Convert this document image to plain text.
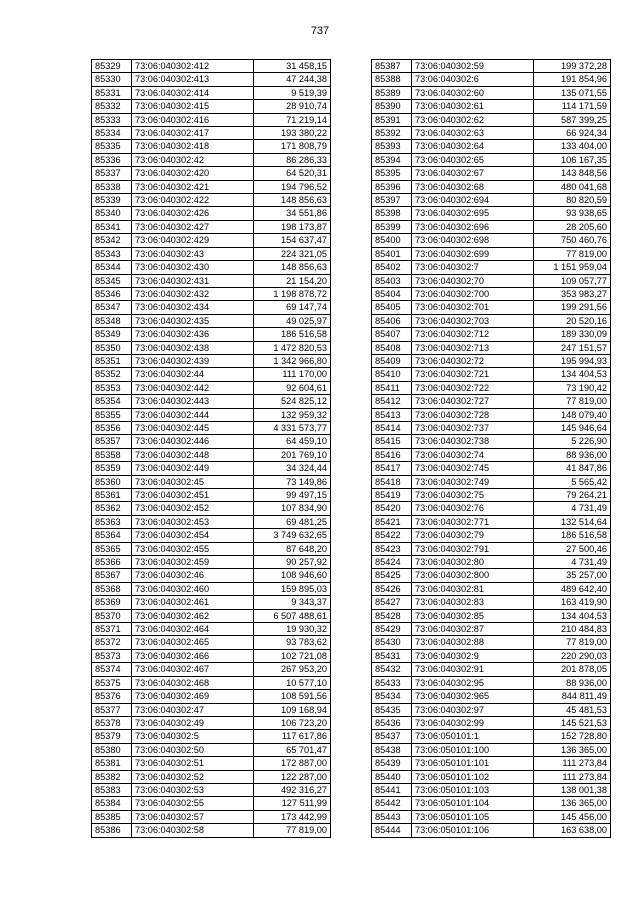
737
85329	73:06:040302:412	31 458,15
85330	73:06:040302:413	47 244,38
85331	73:06:040302:414	9 519,39
85332	73:06:040302:415	28 910,74
85333	73:06:040302:416	71 219,14
85334	73:06:040302:417	193 380,22
85335	73:06:040302:418	171 808,79
85336	73:06:040302:42	86 286,33
85337	73:06:040302:420	64 520,31
85338	73:06:040302:421	194 796,52
85339	73:06:040302:422	148 856,63
85340	73:06:040302:426	34 551,86
85341	73:06:040302:427	198 173,87
85342	73:06:040302:429	154 637,47
85343	73:06:040302:43	224 321,05
85344	73:06:040302:430	148 856,63
85345	73:06:040302:431	21 154,20
85346	73:06:040302:432	1 198 878,72
85347	73:06:040302:434	69 147,74
85348	73:06:040302:435	49 025,97
85349	73:06:040302:436	186 516,58
85350	73:06:040302:438	1 472 820,53
85351	73:06:040302:439	1 342 966,80
85352	73:06:040302:44	111 170,00
85353	73:06:040302:442	92 604,61
85354	73:06:040302:443	524 825,12
85355	73:06:040302:444	132 959,32
85356	73:06:040302:445	4 331 573,77
85357	73:06:040302:446	64 459,10
85358	73:06:040302:448	201 769,10
85359	73:06:040302:449	34 324,44
85360	73:06:040302:45	73 149,86
85361	73:06:040302:451	99 497,15
85362	73:06:040302:452	107 834,90
85363	73:06:040302:453	69 481,25
85364	73:06:040302:454	3 749 632,65
85365	73:06:040302:455	87 648,20
85366	73:06:040302:459	90 257,92
85367	73:06:040302:46	108 946,60
85368	73:06:040302:460	159 895,03
85369	73:06:040302:461	9 343,37
85370	73:06:040302:462	6 507 488,61
85371	73:06:040302:464	19 930,32
85372	73:06:040302:465	93 783,62
85373	73:06:040302:466	102 721,08
85374	73:06:040302:467	267 953,20
85375	73:06:040302:468	10 577,10
85376	73:06:040302:469	108 591,56
85377	73:06:040302:47	109 168,94
85378	73:06:040302:49	106 723,20
85379	73:06:040302:5	117 617,86
85380	73:06:040302:50	65 701,47
85381	73:06:040302:51	172 887,00
85382	73:06:040302:52	122 287,00
85383	73:06:040302:53	492 316,27
85384	73:06:040302:55	127 511,99
85385	73:06:040302:57	173 442,99
85386	73:06:040302:58	77 819,00
85387	73:06:040302:59	199 372,28
85388	73:06:040302:6	191 854,96
85389	73:06:040302:60	135 071,55
85390	73:06:040302:61	114 171,59
85391	73:06:040302:62	587 399,25
85392	73:06:040302:63	66 924,34
85393	73:06:040302:64	133 404,00
85394	73:06:040302:65	106 167,35
85395	73:06:040302:67	143 848,56
85396	73:06:040302:68	480 041,68
85397	73:06:040302:694	80 820,59
85398	73:06:040302:695	93 938,65
85399	73:06:040302:696	28 205,60
85400	73:06:040302:698	750 460,76
85401	73:06:040302:699	77 819,00
85402	73:06:040302:7	1 151 959,04
85403	73:06:040302:70	109 057,77
85404	73:06:040302:700	353 983,27
85405	73:06:040302:701	199 291,56
85406	73:06:040302:703	20 520,16
85407	73:06:040302:712	189 330,09
85408	73:06:040302:713	247 151,57
85409	73:06:040302:72	195 994,93
85410	73:06:040302:721	134 404,53
85411	73:06:040302:722	73 190,42
85412	73:06:040302:727	77 819,00
85413	73:06:040302:728	148 079,40
85414	73:06:040302:737	145 946,64
85415	73:06:040302:738	5 226,90
85416	73:06:040302:74	88 936,00
85417	73:06:040302:745	41 847,86
85418	73:06:040302:749	5 565,42
85419	73:06:040302:75	79 264,21
85420	73:06:040302:76	4 731,49
85421	73:06:040302:771	132 514,64
85422	73:06:040302:79	186 516,58
85423	73:06:040302:791	27 500,46
85424	73:06:040302:80	4 731,49
85425	73:06:040302:800	35 257,00
85426	73:06:040302:81	489 642,40
85427	73:06:040302:83	163 419,90
85428	73:06:040302:85	134 404,53
85429	73:06:040302:87	210 484,83
85430	73:06:040302:88	77 819,00
85431	73:06:040302:9	220 290,03
85432	73:06:040302:91	201 878,05
85433	73:06:040302:95	88 936,00
85434	73:06:040302:965	844 811,49
85435	73:06:040302:97	45 481,53
85436	73:06:040302:99	145 521,53
85437	73:06:050101:1	152 728,80
85438	73:06:050101:100	136 365,00
85439	73:06:050101:101	111 273,84
85440	73:06:050101:102	111 273,84
85441	73:06:050101:103	138 001,38
85442	73:06:050101:104	136 365,00
85443	73:06:050101:105	145 456,00
85444	73:06:050101:106	163 638,00
